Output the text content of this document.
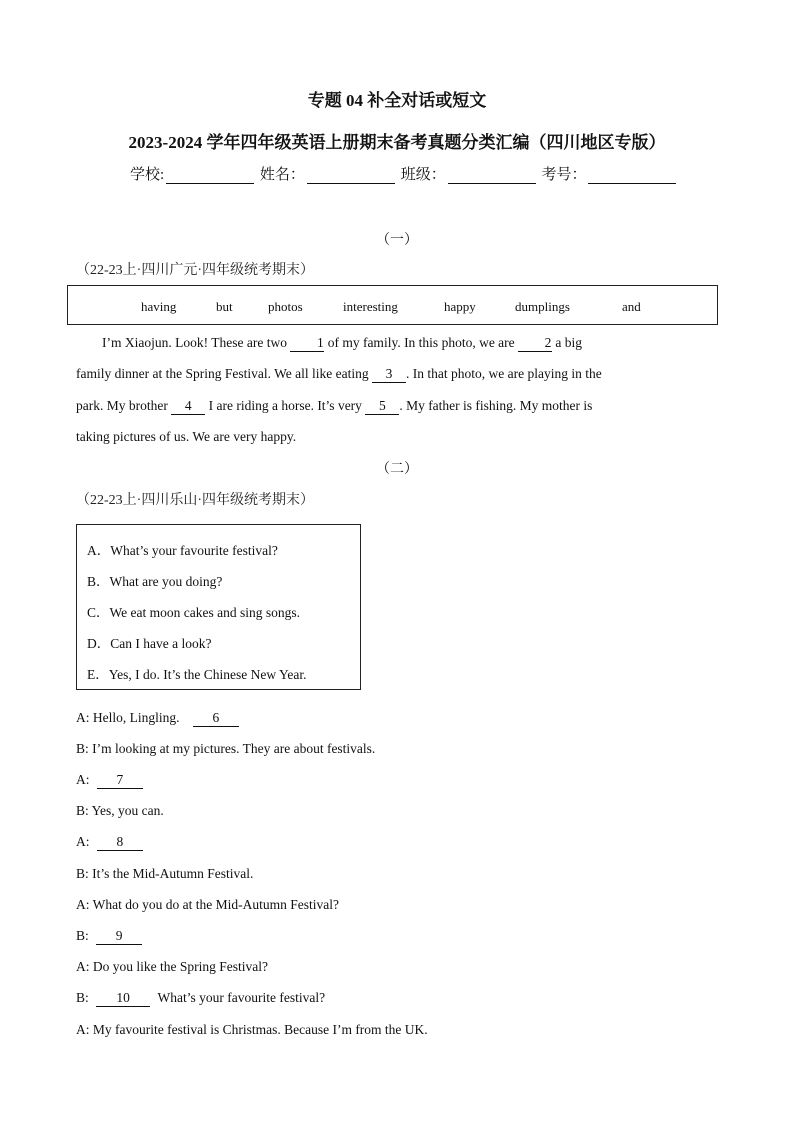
专题 04 补全对话或短文
2023-2024 学年四年级英语上册期末备考真题分类汇编（四川地区专版）
学校:	姓名：	班级：	考号：
（一）
（22-23上·四川广元·四年级统考期末）
having	but	photos	interesting	happy	dumplings	and
I’m Xiaojun. Look! These are two 1 of my family. In this photo, we are 2 a big
family dinner at the Spring Festival. We all like eating 3 . In that photo, we are playing in the
park. My brother 4 I are riding a horse. It’s very 5 . My father is fishing. My mother is
taking pictures of us. We are very happy.
（二）
（22-23上·四川乐山·四年级统考期末）
A．What’s your favourite festival?
B．What are you doing?
C．We eat moon cakes and sing songs.
D．Can I have a look?
E．Yes, I do. It’s the Chinese New Year.
A: Hello, Lingling. 6
B: I’m looking at my pictures. They are about festivals.
A: 7
B: Yes, you can.
A: 8
B: It’s the Mid-Autumn Festival.
A: What do you do at the Mid-Autumn Festival?
B: 9
A: Do you like the Spring Festival?
B: 10 What’s your favourite festival?
A: My favourite festival is Christmas. Because I’m from the UK.
